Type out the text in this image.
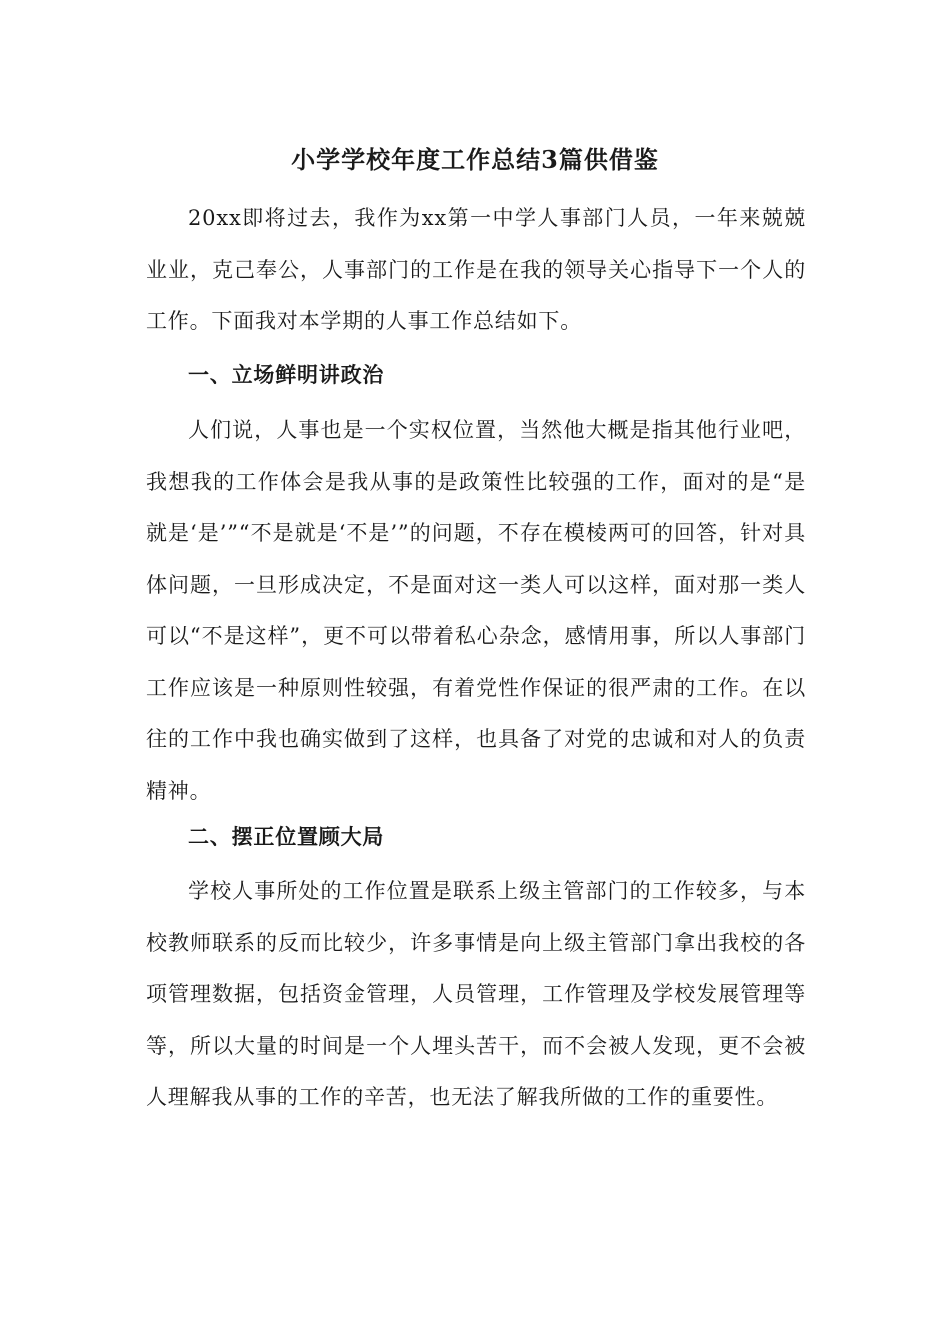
小学学校年度工作总结3篇供借鉴
20xx即将过去，我作为xx第一中学人事部门人员，一年来兢兢业业，克己奉公，人事部门的工作是在我的领导关心指导下一个人的工作。下面我对本学期的人事工作总结如下。
一、立场鲜明讲政治
人们说，人事也是一个实权位置，当然他大概是指其他行业吧，我想我的工作体会是我从事的是政策性比较强的工作，面对的是“是就是‘是’”“不是就是‘不是’”的问题，不存在模棱两可的回答，针对具体问题，一旦形成决定，不是面对这一类人可以这样，面对那一类人可以“不是这样”，更不可以带着私心杂念，感情用事，所以人事部门工作应该是一种原则性较强，有着党性作保证的很严肃的工作。在以往的工作中我也确实做到了这样，也具备了对党的忠诚和对人的负责精神。
二、摆正位置顾大局
学校人事所处的工作位置是联系上级主管部门的工作较多，与本校教师联系的反而比较少，许多事情是向上级主管部门拿出我校的各项管理数据，包括资金管理，人员管理，工作管理及学校发展管理等等，所以大量的时间是一个人埋头苦干，而不会被人发现，更不会被人理解我从事的工作的辛苦，也无法了解我所做的工作的重要性。
